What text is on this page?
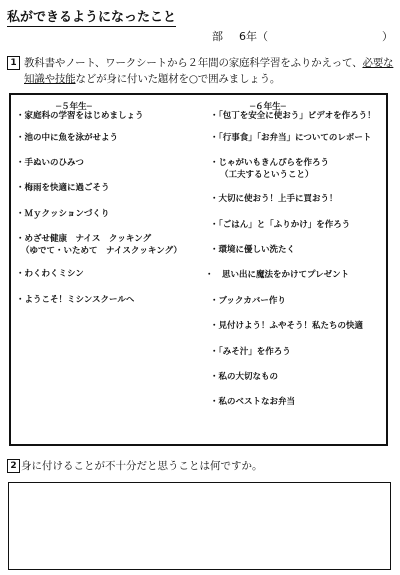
私ができるようになったこと
部 6年（	）
1 教科書やノート、ワークシートから２年間の家庭科学習をふりかえって、必要な知識や技能などが身に付いた題材を○で囲みましょう。
─５年生─
・家庭科の学習をはじめましょう
・池の中に魚を泳がせよう
・手ぬいのひみつ
・梅雨を快適に過ごそう
・Ｍｙクッションづくり
・めざせ健康　ナイス　クッキング
（ゆでて・いためて　ナイスクッキング）
・わくわくミシン
・ようこそ！ミシンスクールへ
─６年生─
・「包丁を安全に使おう」ビデオを作ろう！
・「行事食」「お弁当」についてのレポート
・じゃがいもきんぴらを作ろう
（工夫するということ）
・大切に使おう！上手に買おう！
・「ごはん」と「ふりかけ」を作ろう
・環境に優しい洗たく
・　思い出に魔法をかけてプレゼント
・ブックカバー作り
・見付けよう！ふやそう！私たちの快適
・「みそ汁」を作ろう
・私の大切なもの
・私のベストなお弁当
2 身に付けることが不十分だと思うことは何ですか。
